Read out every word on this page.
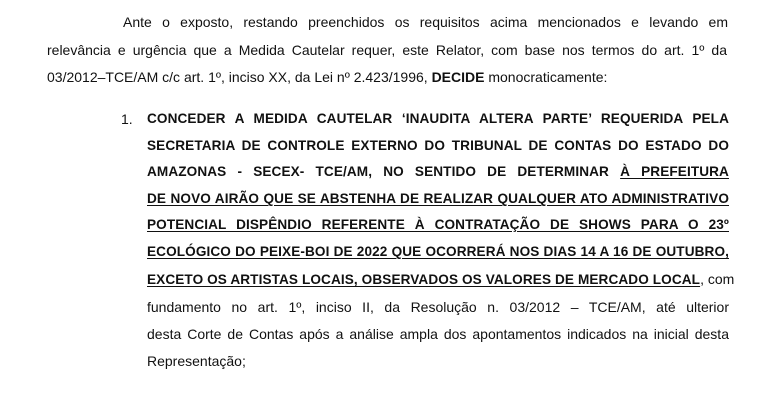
Ante o exposto, restando preenchidos os requisitos acima mencionados e levando em
relevância e urgência que a Medida Cautelar requer, este Relator, com base nos termos do art. 1º da
03/2012–TCE/AM c/c art. 1º, inciso XX, da Lei nº 2.423/1996, DECIDE monocraticamente:
1. CONCEDER A MEDIDA CAUTELAR ‘INAUDITA ALTERA PARTE’ REQUERIDA PELA
SECRETARIA DE CONTROLE EXTERNO DO TRIBUNAL DE CONTAS DO ESTADO DO
AMAZONAS - SECEX- TCE/AM, NO SENTIDO DE DETERMINAR À PREFEITURA
DE NOVO AIRÃO QUE SE ABSTENHA DE REALIZAR QUALQUER ATO ADMINISTRATIVO
POTENCIAL DISPÊNDIO REFERENTE À CONTRATAÇÃO DE SHOWS PARA O 23º
ECOLÓGICO DO PEIXE-BOI DE 2022 QUE OCORRERÁ NOS DIAS 14 A 16 DE OUTUBRO,
EXCETO OS ARTISTAS LOCAIS, OBSERVADOS OS VALORES DE MERCADO LOCAL, com
fundamento no art. 1º, inciso II, da Resolução n. 03/2012 – TCE/AM, até ulterior
desta Corte de Contas após a análise ampla dos apontamentos indicados na inicial desta
Representação;
